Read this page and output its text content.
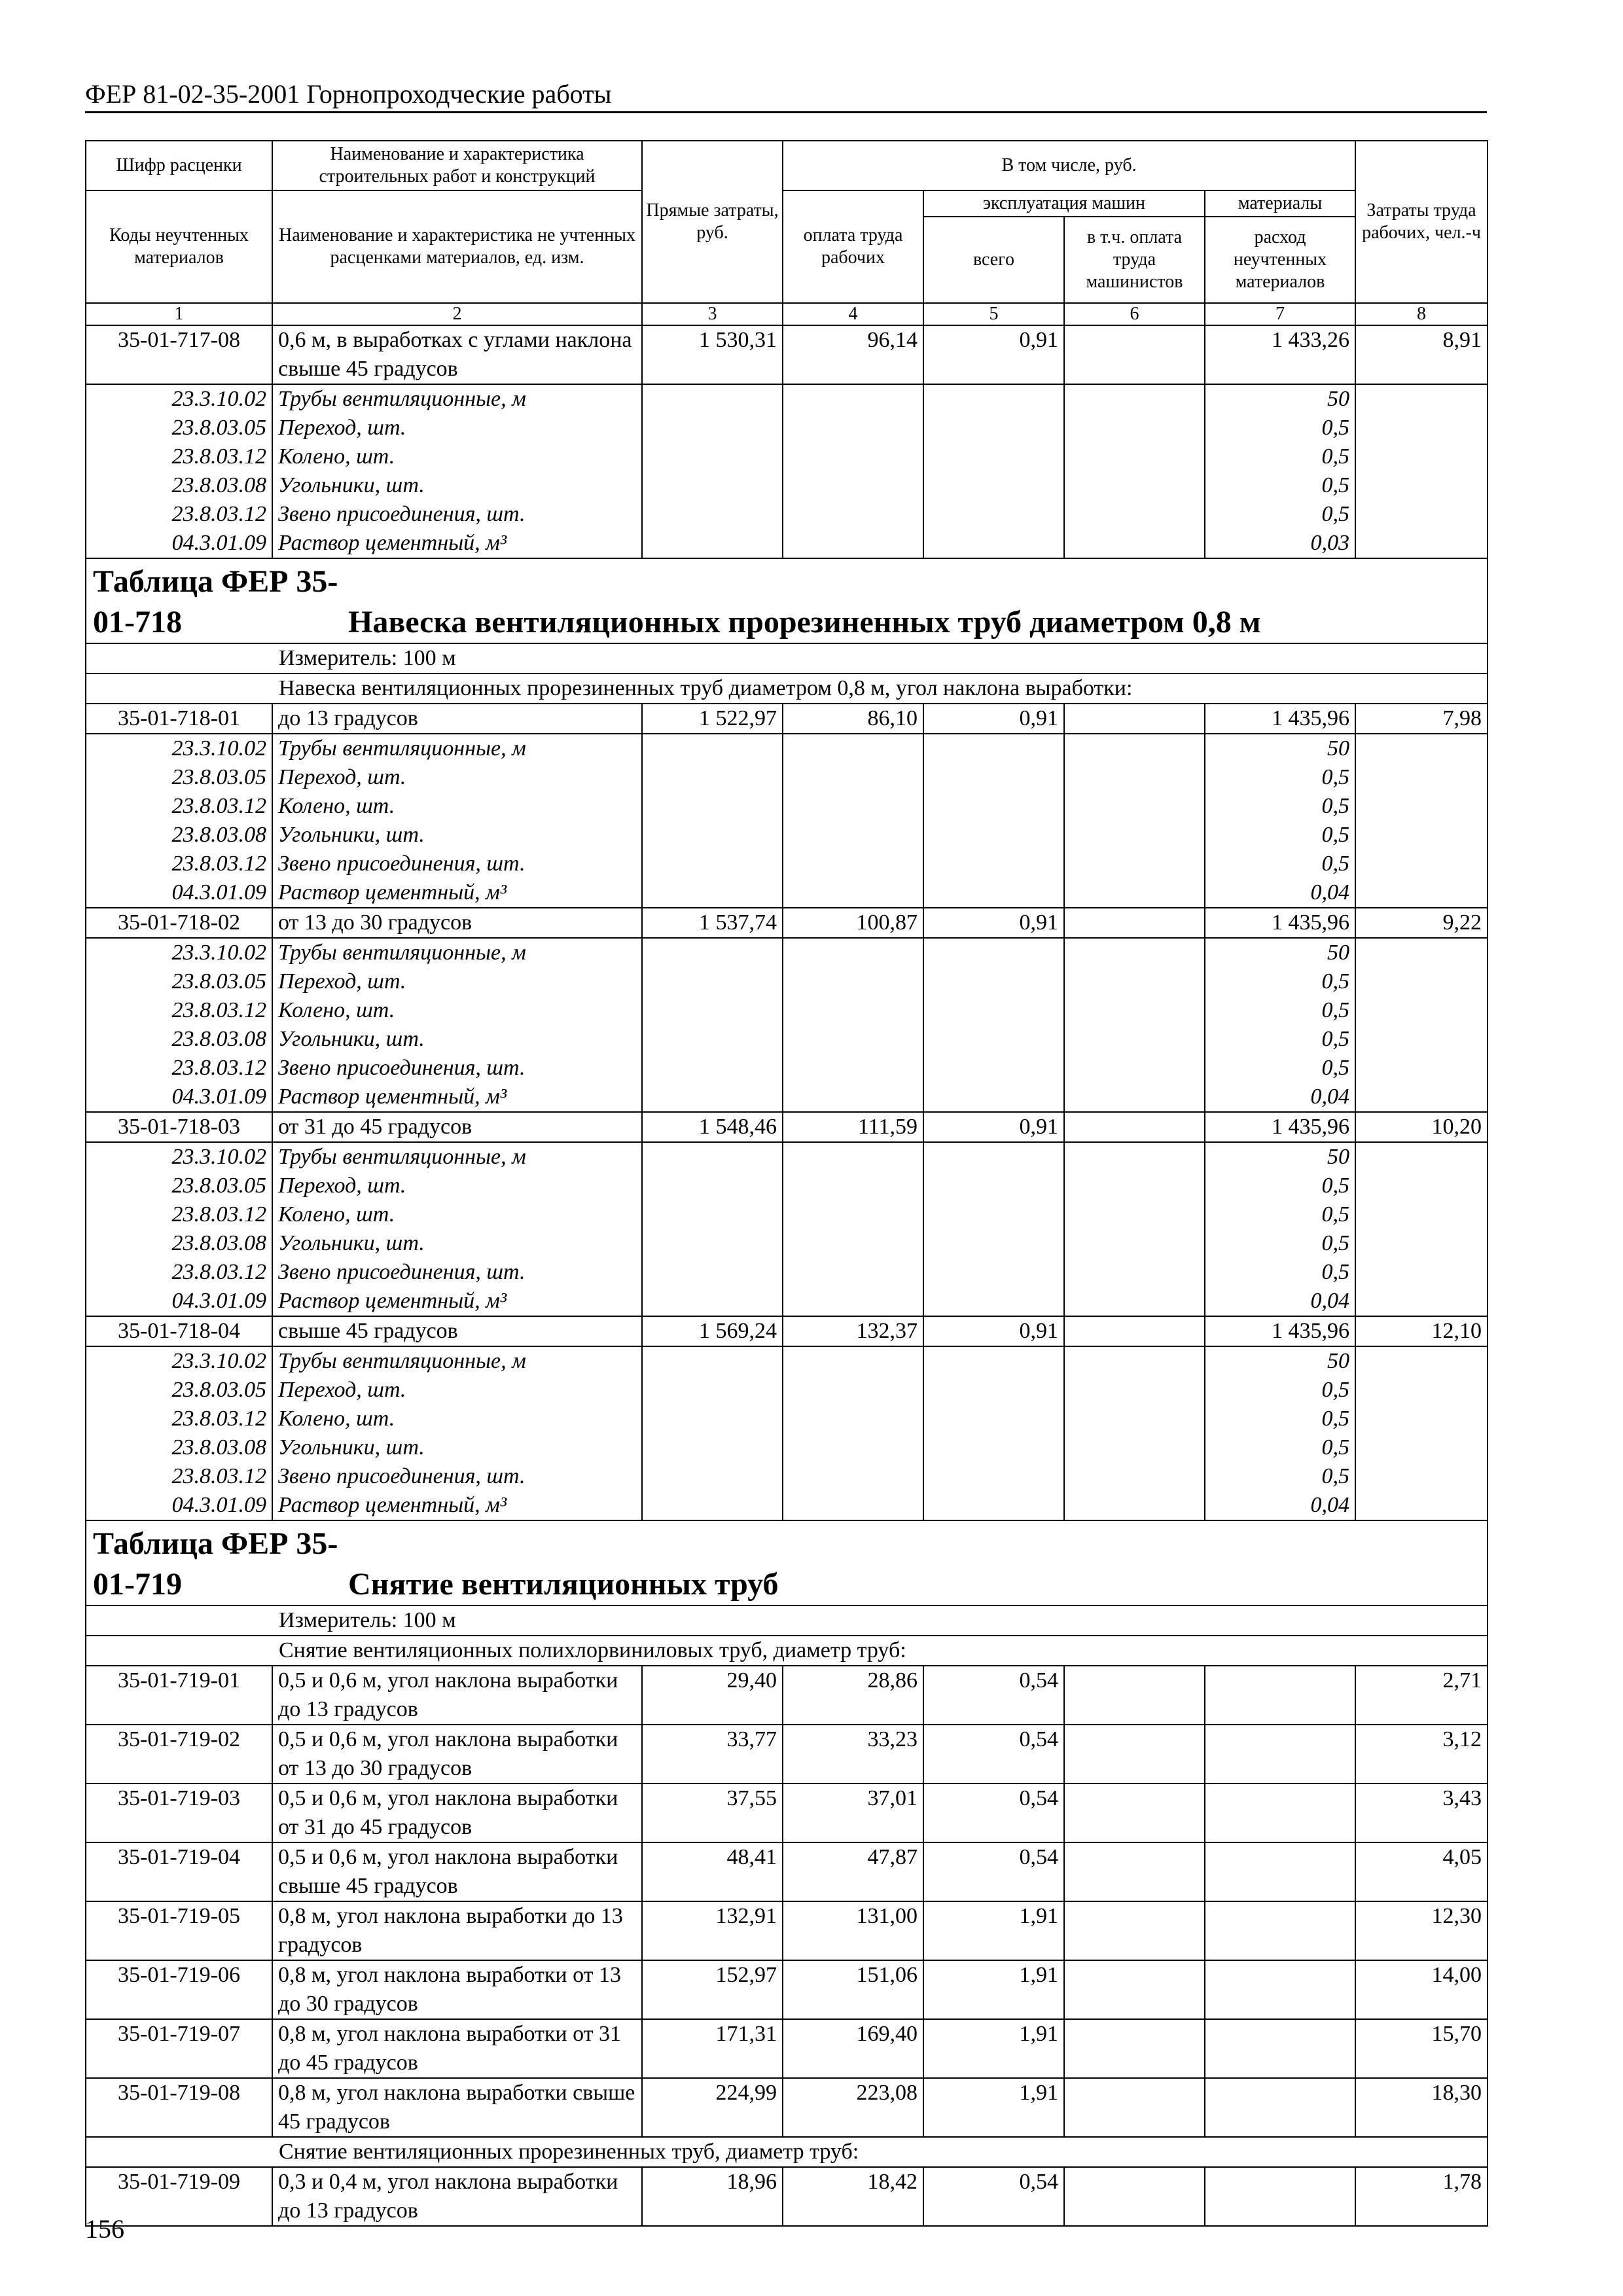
ФЕР 81-02-35-2001 Горнопроходческие работы
Шифр расценки	Наименование и характеристика строительных работ и конструкций	Прямые затраты, руб.	В том числе, руб.				Затраты труда рабочих, чел.-ч
Коды неучтенных материалов	Наименование и характеристика не учтенных расценками материалов, ед. изм.		оплата труда рабочих	эксплуатация машин		материалы	
				всего	в т.ч. оплата труда машинистов	расход неучтенных материалов	
1	2	3	4	5	6	7	8
35-01-717-08	0,6 м, в выработках с углами наклона свыше 45 градусов	1 530,31	96,14	0,91		1 433,26	8,91
23.3.10.02	Трубы вентиляционные, м					50	
23.8.03.05	Переход, шт.					0,5	
23.8.03.12	Колено, шт.					0,5	
23.8.03.08	Угольники, шт.					0,5	
23.8.03.12	Звено присоединения, шт.					0,5	
04.3.01.09	Раствор цементный, м³					0,03	
Таблица ФЕР 35-01-718 Навеска вентиляционных прорезиненных труб диаметром 0,8 м							
	Измеритель: 100 м						
	Навеска вентиляционных прорезиненных труб диаметром 0,8 м, угол наклона выработки:						
35-01-718-01	до 13 градусов	1 522,97	86,10	0,91		1 435,96	7,98
23.3.10.02	Трубы вентиляционные, м					50	
23.8.03.05	Переход, шт.					0,5	
23.8.03.12	Колено, шт.					0,5	
23.8.03.08	Угольники, шт.					0,5	
23.8.03.12	Звено присоединения, шт.					0,5	
04.3.01.09	Раствор цементный, м³					0,04	
35-01-718-02	от 13 до 30 градусов	1 537,74	100,87	0,91		1 435,96	9,22
23.3.10.02	Трубы вентиляционные, м					50	
23.8.03.05	Переход, шт.					0,5	
23.8.03.12	Колено, шт.					0,5	
23.8.03.08	Угольники, шт.					0,5	
23.8.03.12	Звено присоединения, шт.					0,5	
04.3.01.09	Раствор цементный, м³					0,04	
35-01-718-03	от 31 до 45 градусов	1 548,46	111,59	0,91		1 435,96	10,20
23.3.10.02	Трубы вентиляционные, м					50	
23.8.03.05	Переход, шт.					0,5	
23.8.03.12	Колено, шт.					0,5	
23.8.03.08	Угольники, шт.					0,5	
23.8.03.12	Звено присоединения, шт.					0,5	
04.3.01.09	Раствор цементный, м³					0,04	
35-01-718-04	свыше 45 градусов	1 569,24	132,37	0,91		1 435,96	12,10
23.3.10.02	Трубы вентиляционные, м					50	
23.8.03.05	Переход, шт.					0,5	
23.8.03.12	Колено, шт.					0,5	
23.8.03.08	Угольники, шт.					0,5	
23.8.03.12	Звено присоединения, шт.					0,5	
04.3.01.09	Раствор цементный, м³					0,04	
Таблица ФЕР 35-01-719 Снятие вентиляционных труб							
	Измеритель: 100 м						
	Снятие вентиляционных полихлорвиниловых труб, диаметр труб:						
35-01-719-01	0,5 и 0,6 м, угол наклона выработки до 13 градусов	29,40	28,86	0,54			2,71
35-01-719-02	0,5 и 0,6 м, угол наклона выработки от 13 до 30 градусов	33,77	33,23	0,54			3,12
35-01-719-03	0,5 и 0,6 м, угол наклона выработки от 31 до 45 градусов	37,55	37,01	0,54			3,43
35-01-719-04	0,5 и 0,6 м, угол наклона выработки свыше 45 градусов	48,41	47,87	0,54			4,05
35-01-719-05	0,8 м, угол наклона выработки до 13 градусов	132,91	131,00	1,91			12,30
35-01-719-06	0,8 м, угол наклона выработки от 13 до 30 градусов	152,97	151,06	1,91			14,00
35-01-719-07	0,8 м, угол наклона выработки от 31 до 45 градусов	171,31	169,40	1,91			15,70
35-01-719-08	0,8 м, угол наклона выработки свыше 45 градусов	224,99	223,08	1,91			18,30
	Снятие вентиляционных прорезиненных труб, диаметр труб:						
35-01-719-09	0,3 и 0,4 м, угол наклона выработки до 13 градусов	18,96	18,42	0,54			1,78
156
